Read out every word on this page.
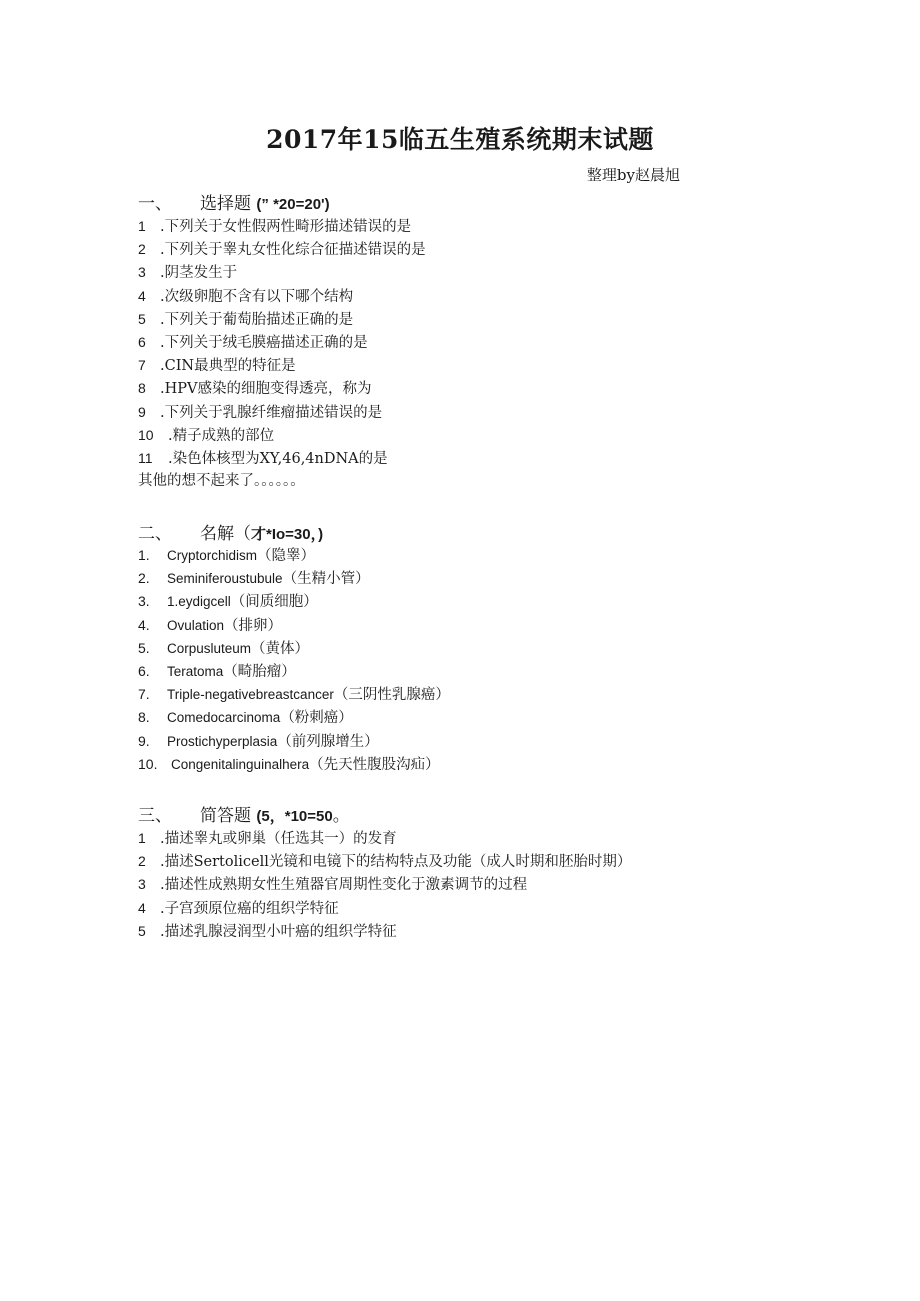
2017年15临五生殖系统期末试题
整理by赵晨旭
一、 选择题 (” *20=20')
1 .下列关于女性假两性畸形描述错误的是
2 .下列关于睾丸女性化综合征描述错误的是
3 .阴茎发生于
4 .次级卵胞不含有以下哪个结构
5 .下列关于葡萄胎描述正确的是
6 .下列关于绒毛膜癌描述正确的是
7 .CIN最典型的特征是
8 .HPV感染的细胞变得透亮，称为
9 .下列关于乳腺纤维瘤描述错误的是
10 .精子成熟的部位
11 .染色体核型为XY,46,4nDNA的是
其他的想不起来了。。。。。。
二、 名解（才*Io=30，)
1. Cryptorchidism（隐睾）
2. Seminiferoustubule（生精小管）
3. 1.eydigcell（间质细胞）
4. Ovulation（排卵）
5. Corpusluteum（黄体）
6. Teratoma（畸胎瘤）
7. Triple-negativebreastcancer（三阴性乳腺癌）
8. Comedocarcinoma（粉刺癌）
9. Prostichyperplasia（前列腺增生）
10. Congenitalinguinalhera（先天性腹股沟疝）
三、 简答题 (5，*10=50。
1 .描述睾丸或卵巢（任选其一）的发育
2 .描述Sertolicell光镜和电镜下的结构特点及功能（成人时期和胚胎时期）
3 .描述性成熟期女性生殖器官周期性变化于激素调节的过程
4 .子宫颈原位癌的组织学特征
5 .描述乳腺浸润型小叶癌的组织学特征
